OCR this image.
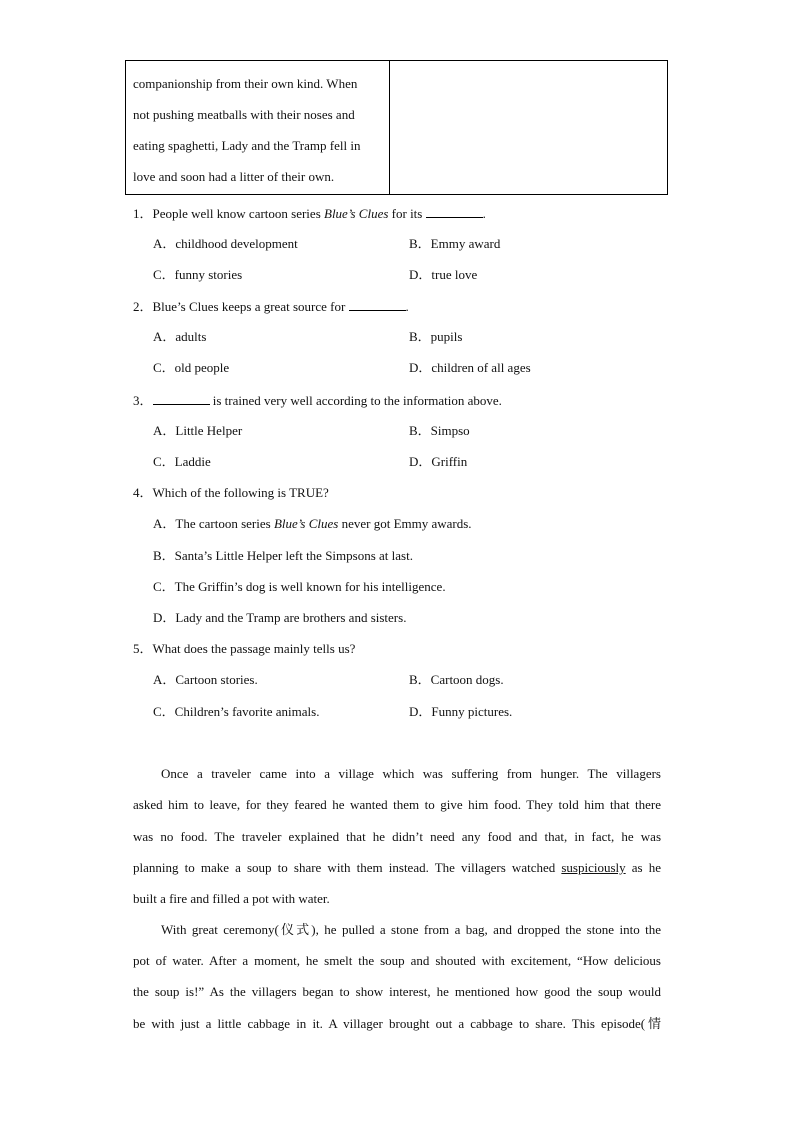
companionship from their own kind. When
not pushing meatballs with their noses and
eating spaghetti, Lady and the Tramp fell in
love and soon had a litter of their own.
1．People well know cartoon series Blue’s Clues for its	.
A．childhood development	B．Emmy award
C．funny stories	D．true love
2．Blue’s Clues keeps a great source for	.
A．adults	B．pupils
C．old people	D．children of all ages
3．	is trained very well according to the information above.
A．Little Helper	B．Simpso
C．Laddie	D．Griffin
4．Which of the following is TRUE?
A．The cartoon series Blue’s Clues never got Emmy awards.
B．Santa’s Little Helper left the Simpsons at last.
C．The Griffin’s dog is well known for his intelligence.
D．Lady and the Tramp are brothers and sisters.
5．What does the passage mainly tells us?
A．Cartoon stories.	B．Cartoon dogs.
C．Children’s favorite animals.	D．Funny pictures.
Once a traveler came into a village which was suffering from hunger. The villagers
asked him to leave, for they feared he wanted them to give him food. They told him that there
was no food. The traveler explained that he didn’t need any food and that, in fact, he was
planning to make a soup to share with them instead. The villagers watched suspiciously as he
built a fire and filled a pot with water.
With great ceremony(仪式), he pulled a stone from a bag, and dropped the stone into the
pot of water. After a moment, he smelt the soup and shouted with excitement, “How delicious
the soup is!” As the villagers began to show interest, he mentioned how good the soup would
be with just a little cabbage in it. A villager brought out a cabbage to share. This episode(情
